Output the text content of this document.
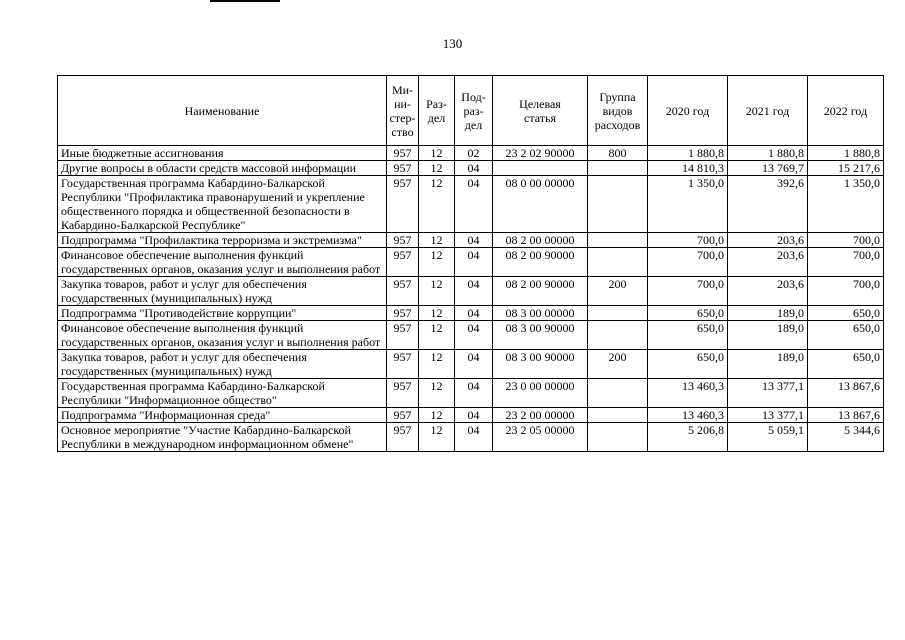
130
Наименование	Ми-
ни-
стер-
ство	Раз-
дел	Под-
раз-
дел	Целевая
статья	Группа
видов
расходов	2020 год	2021 год	2022 год
Иные бюджетные ассигнования	957	12	02	23 2 02 90000	800	1 880,8	1 880,8	1 880,8
Другие вопросы в области средств массовой информации	957	12	04			14 810,3	13 769,7	15 217,6
Государственная программа Кабардино-Балкарской Республики "Профилактика правонарушений и укрепление общественного порядка и общественной безопасности в Кабардино-Балкарской Республике"	957	12	04	08 0 00 00000		1 350,0	392,6	1 350,0
Подпрограмма "Профилактика терроризма и экстремизма"	957	12	04	08 2 00 00000		700,0	203,6	700,0
Финансовое обеспечение выполнения функций государственных органов, оказания услуг и выполнения работ	957	12	04	08 2 00 90000		700,0	203,6	700,0
Закупка товаров, работ и услуг для обеспечения государственных (муниципальных) нужд	957	12	04	08 2 00 90000	200	700,0	203,6	700,0
Подпрограмма "Противодействие коррупции"	957	12	04	08 3 00 00000		650,0	189,0	650,0
Финансовое обеспечение выполнения функций государственных органов, оказания услуг и выполнения работ	957	12	04	08 3 00 90000		650,0	189,0	650,0
Закупка товаров, работ и услуг для обеспечения государственных (муниципальных) нужд	957	12	04	08 3 00 90000	200	650,0	189,0	650,0
Государственная программа Кабардино-Балкарской Республики "Информационное общество"	957	12	04	23 0 00 00000		13 460,3	13 377,1	13 867,6
Подпрограмма "Информационная среда"	957	12	04	23 2 00 00000		13 460,3	13 377,1	13 867,6
Основное мероприятие "Участие Кабардино-Балкарской Республики в международном информационном обмене"	957	12	04	23 2 05 00000		5 206,8	5 059,1	5 344,6
